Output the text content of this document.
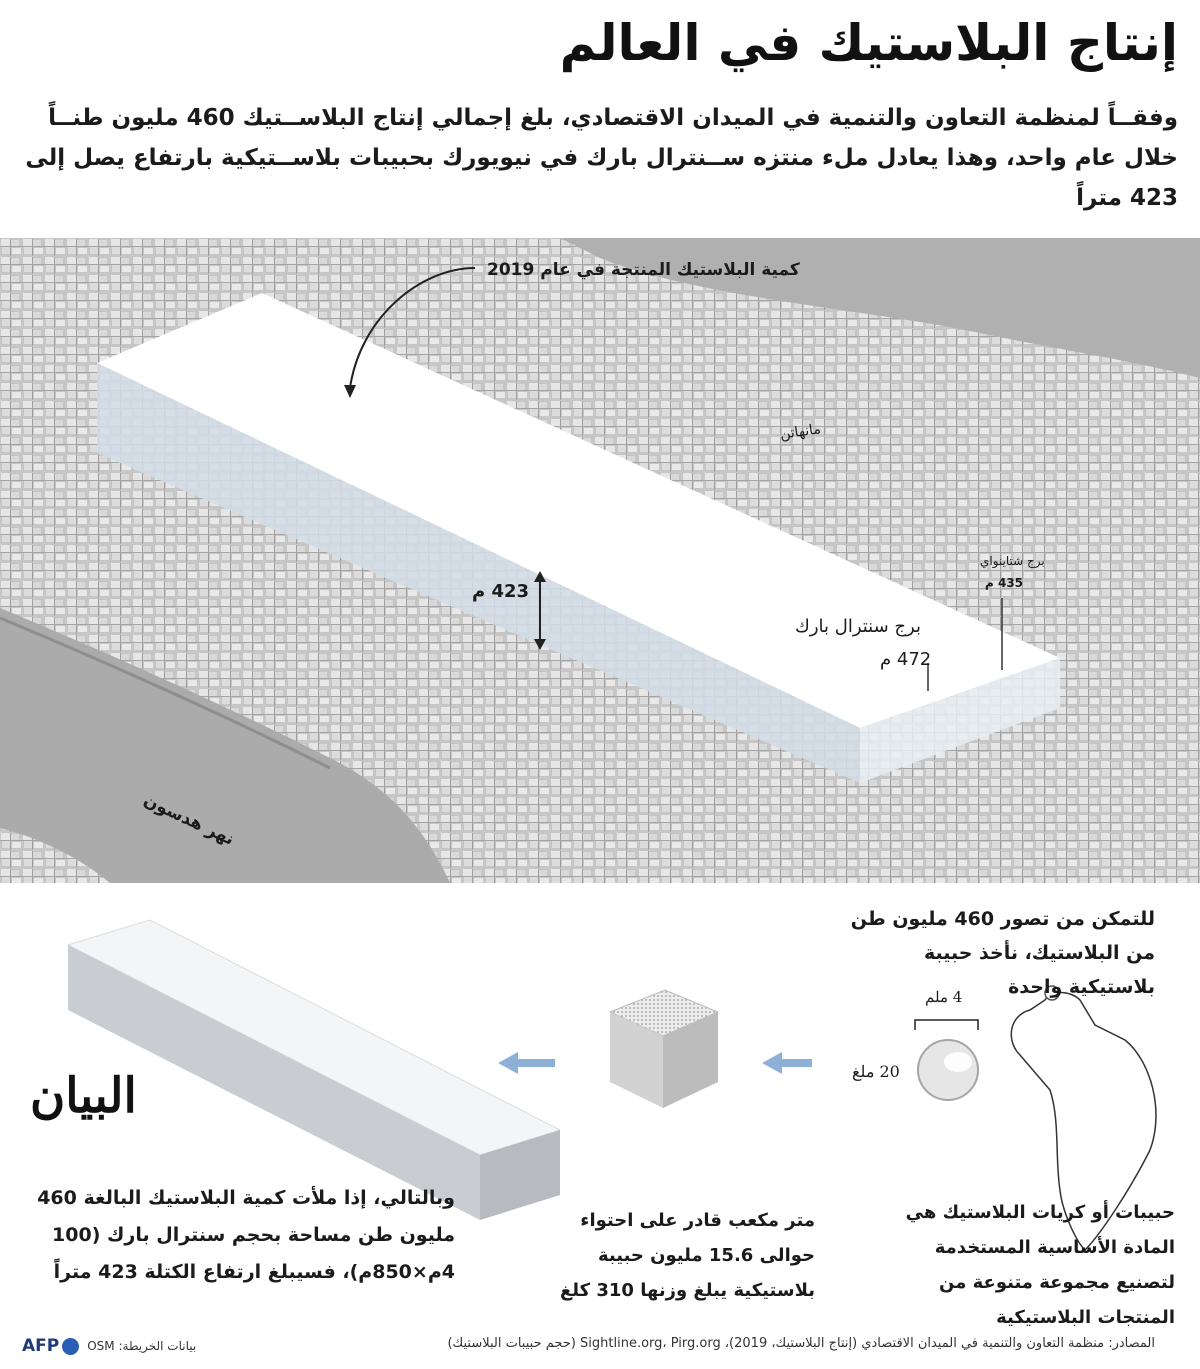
إنتاج البلاستيك في العالم
وفقــاً لمنظمة التعاون والتنمية في الميدان الاقتصادي، بلغ إجمالي إنتاج البلاســتيك 460 مليون طنــاً خلال عام واحد، وهذا يعادل ملء منتزه ســنترال بارك في نيويورك بحبيبات بلاســتيكية بارتفاع يصل إلى 423 متراً
كمية البلاستيك المنتجة في عام 2019
مانهاتن
423 م
برج شتاينواي
435 م
برج سنترال بارك
472 م
نهر هدسون
للتمكن من تصور 460 مليون طن من البلاستيك، نأخذ حبيبة بلاستيكية واحدة
4 ملم
20 ملغ
حبيبات أو كريات البلاستيك هي المادة الأساسية المستخدمة لتصنيع مجموعة متنوعة من المنتجات البلاستيكية
متر مكعب قادر على احتواء حوالى 15.6 مليون حبيبة بلاستيكية يبلغ وزنها 310 كلغ
وبالتالي، إذا ملأت كمية البلاستيك البالغة 460 مليون طن مساحة بحجم سنترال بارك (100 4م×850م)، فسيبلغ ارتفاع الكتلة 423 متراً
البيان
المصادر: منظمة التعاون والتنمية في الميدان الاقتصادي (إنتاج البلاستيك، 2019)، Sightline.org، Pirg.org (حجم حبيبات البلاستيك)
AFP بيانات الخريطة: OSM
